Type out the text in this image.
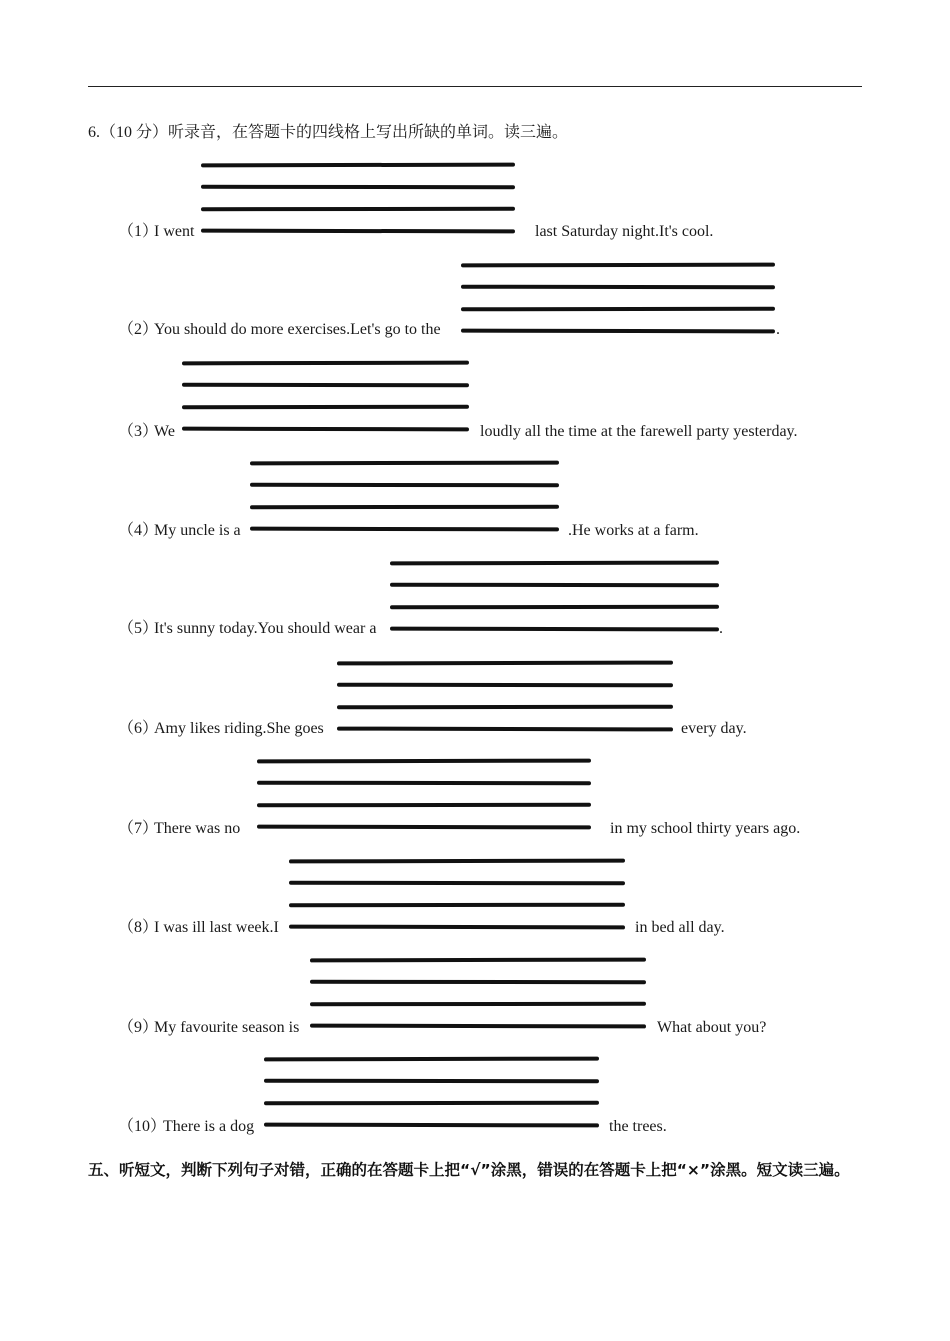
6.（10 分）听录音，在答题卡的四线格上写出所缺的单词。读三遍。
（1）
I went	last Saturday night.It's cool.
（2）
You should do more exercises.Let's go to the	.
（3）
We	loudly all the time at the farewell party yesterday.
（4）
My uncle is a	.He works at a farm.
（5）
It's sunny today.You should wear a	.
（6）
Amy likes riding.She goes	every day.
（7）
There was no	in my school thirty years ago.
（8）
I was ill last week.I	in bed all day.
（9）
My favourite season is	What about you?
（10）
There is a dog	the trees.
五、听短文，判断下列句子对错，正确的在答题卡上把“√”涂黑，错误的在答题卡上把“×”涂黑。短文读三遍。
